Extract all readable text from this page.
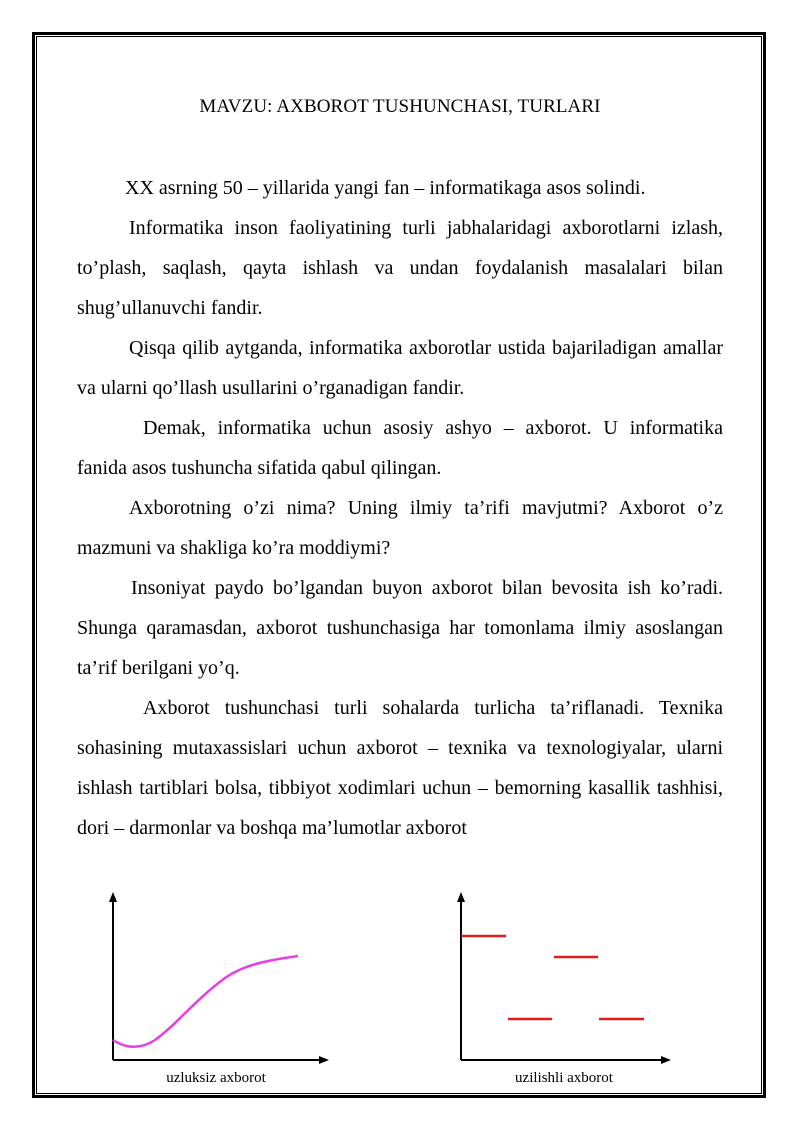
MAVZU: AXBOROT TUSHUNCHASI, TURLARI

XX asrning 50 – yillarida yangi fan – informatikaga asos solindi.

Informatika inson faoliyatining turli jabhalaridagi axborotlarni izlash, to’plash, saqlash, qayta ishlash va undan foydalanish masalalari bilan shug’ullanuvchi fandir.

Qisqa qilib aytganda, informatika axborotlar ustida bajariladigan amallar va ularni qo’llash usullarini o’rganadigan fandir.

Demak, informatika uchun asosiy ashyo – axborot. U informatika fanida asos tushuncha sifatida qabul qilingan.

Axborotning o’zi nima? Uning ilmiy ta’rifi mavjutmi? Axborot o’z mazmuni va shakliga ko’ra moddiymi?

Insoniyat paydo bo’lgandan buyon axborot bilan bevosita ish ko’radi. Shunga qaramasdan, axborot tushunchasiga har tomonlama ilmiy asoslangan ta’rif berilgani yo’q.

Axborot tushunchasi turli sohalarda turlicha ta’riflanadi. Texnika sohasining mutaxassislari uchun axborot – texnika va texnologiyalar, ularni ishlash tartiblari bolsa, tibbiyot xodimlari uchun – bemorning kasallik tashhisi, dori – darmonlar va boshqa ma’lumotlar axborot

uzluksiz axborot	uzilishli axborot
